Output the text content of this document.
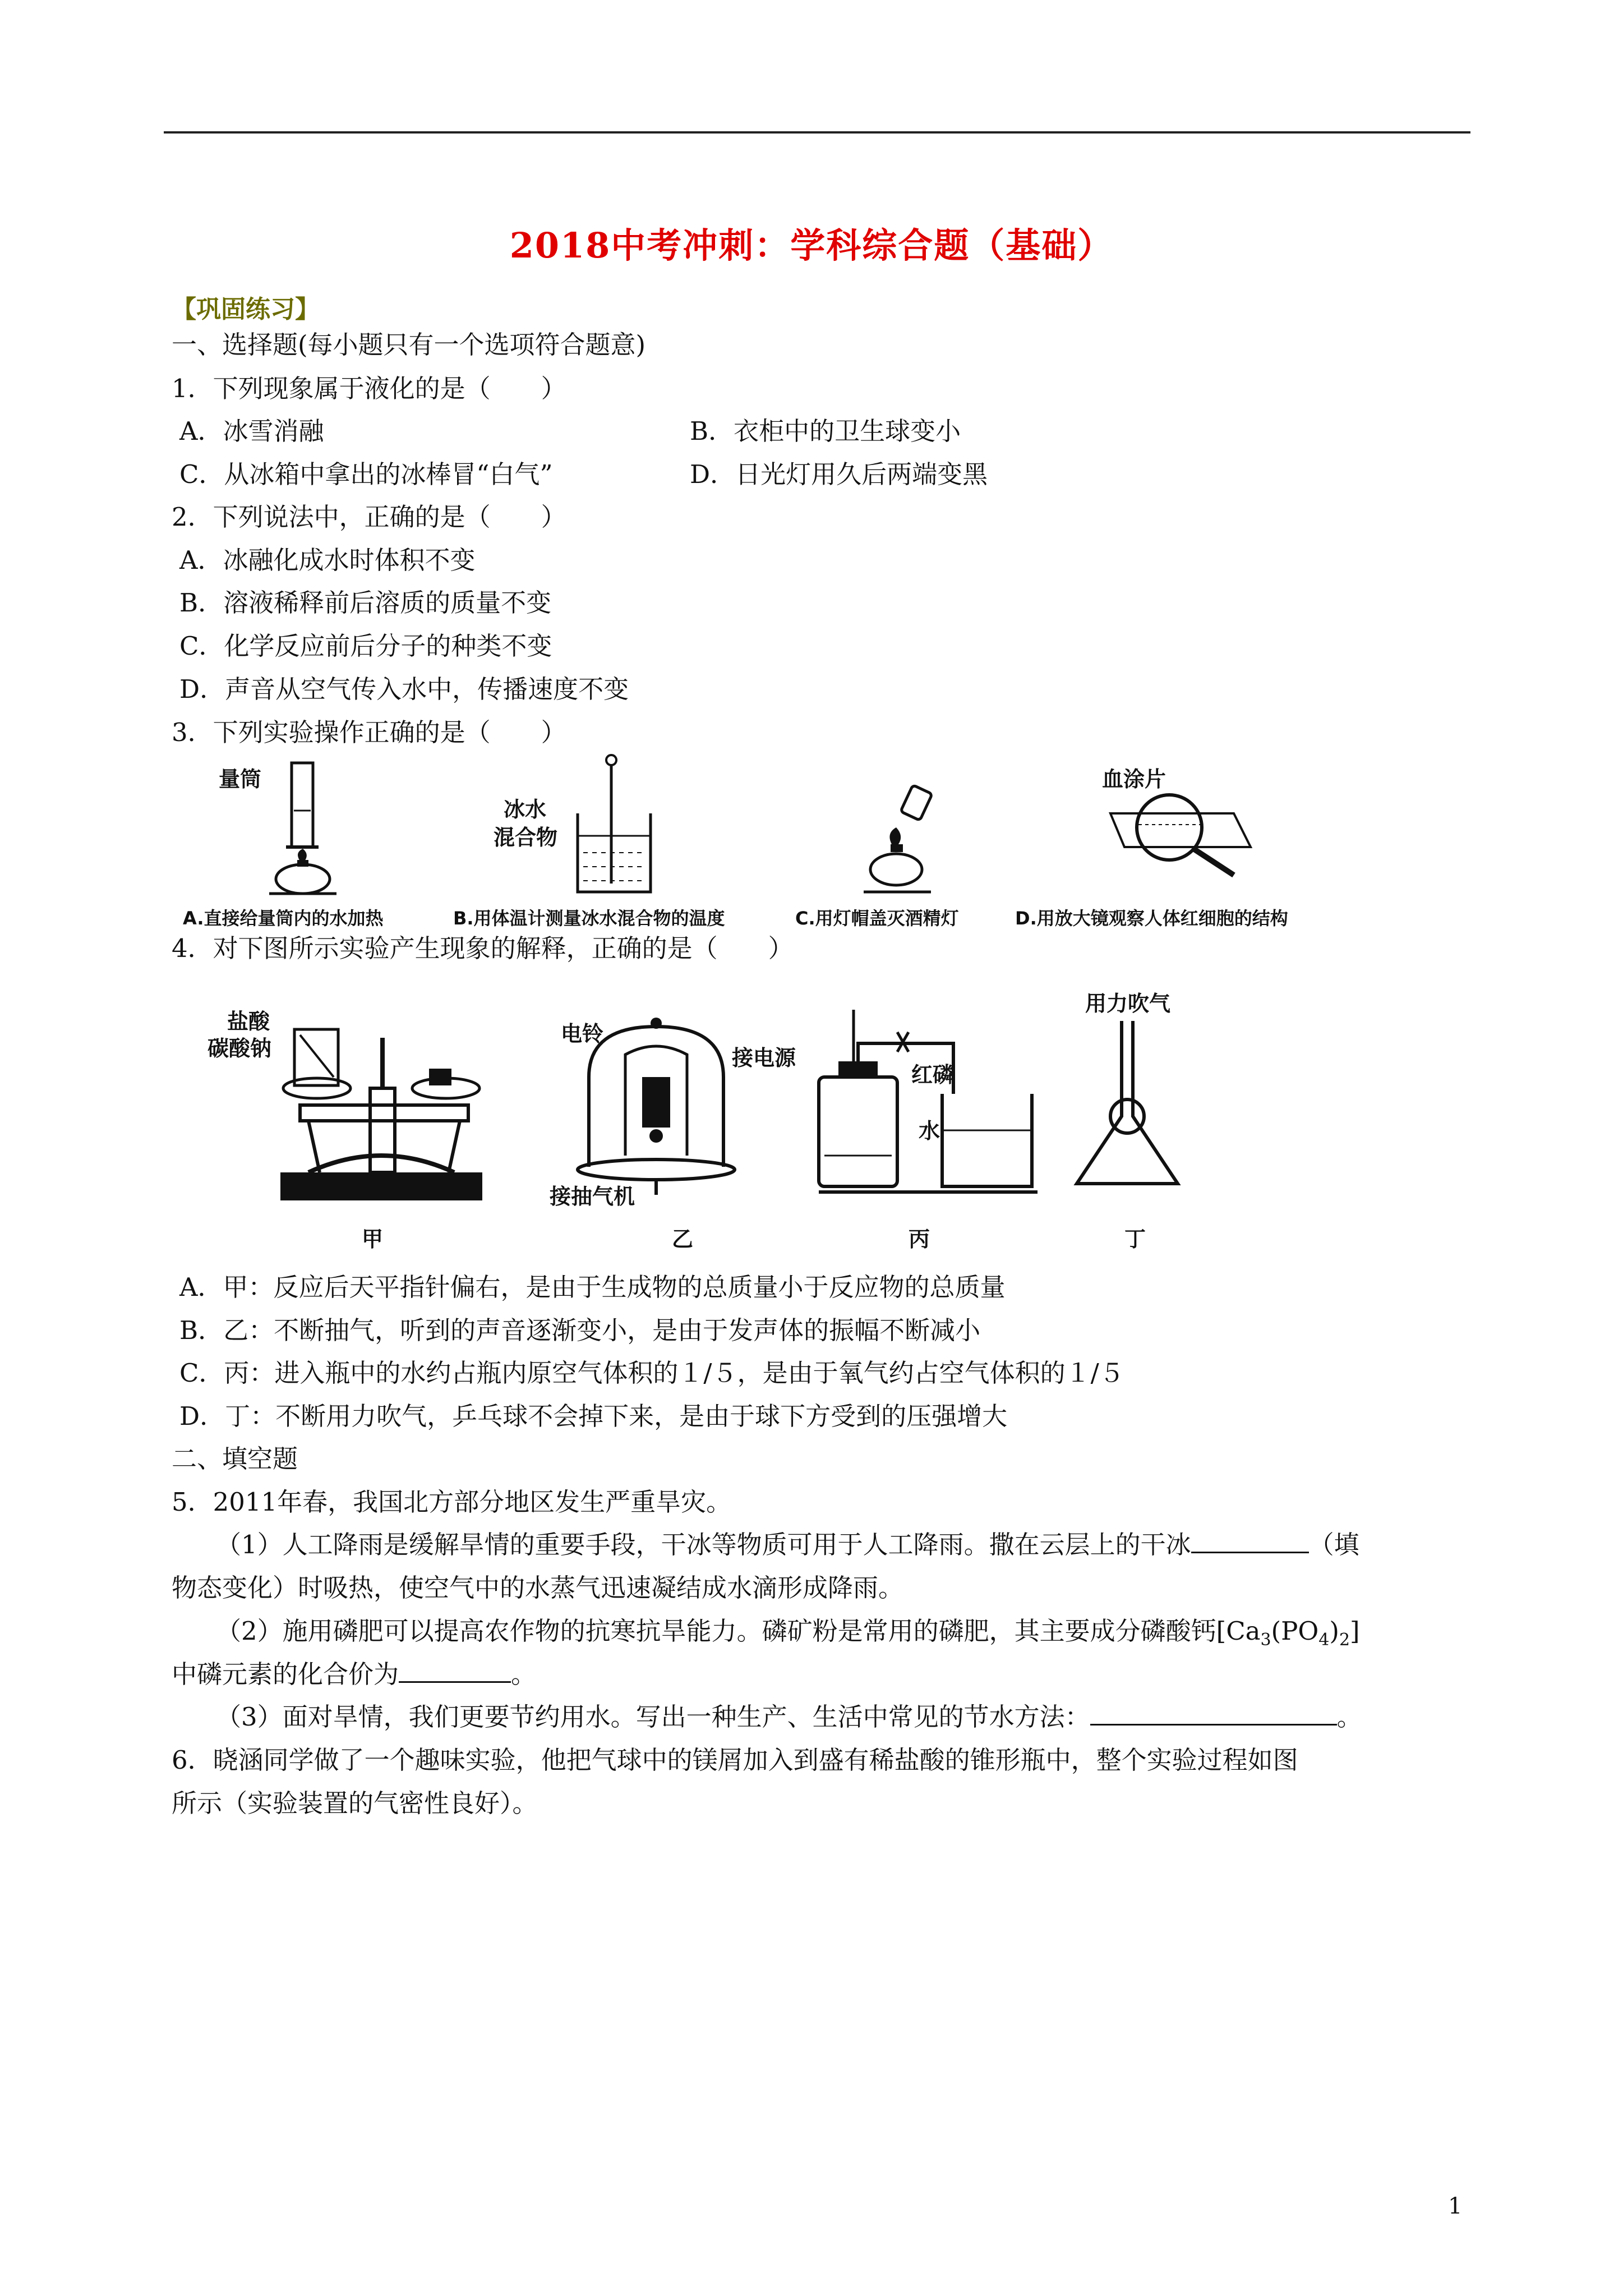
2018中考冲刺：学科综合题（基础）
【巩固练习】
一、选择题(每小题只有一个选项符合题意)
1．下列现象属于液化的是（　　）
A．冰雪消融	B．衣柜中的卫生球变小
C．从冰箱中拿出的冰棒冒“白气”	D．日光灯用久后两端变黑
2．下列说法中，正确的是（　　）
A．冰融化成水时体积不变
B．溶液稀释前后溶质的质量不变
C．化学反应前后分子的种类不变
D．声音从空气传入水中，传播速度不变
3．下列实验操作正确的是（　　）
量筒
冰水
混合物
血涂片
A.直接给量筒内的水加热	B.用体温计测量冰水混合物的温度	C.用灯帽盖灭酒精灯	D.用放大镜观察人体红细胞的结构
4．对下图所示实验产生现象的解释，正确的是（　　）
盐酸
碳酸钠
甲
电铃
接电源
接抽气机
乙
红磷
水
丙
用力吹气
丁
A．甲：反应后天平指针偏右，是由于生成物的总质量小于反应物的总质量
B．乙：不断抽气，听到的声音逐渐变小，是由于发声体的振幅不断减小
C．丙：进入瓶中的水约占瓶内原空气体积的１/５，是由于氧气约占空气体积的１/５
D．丁：不断用力吹气，乒乓球不会掉下来，是由于球下方受到的压强增大
二、填空题
5．2011年春，我国北方部分地区发生严重旱灾。
（1）人工降雨是缓解旱情的重要手段，干冰等物质可用于人工降雨。撒在云层上的干冰	（填
物态变化）时吸热，使空气中的水蒸气迅速凝结成水滴形成降雨。
（2）施用磷肥可以提高农作物的抗寒抗旱能力。磷矿粉是常用的磷肥，其主要成分磷酸钙$[Ca_3(PO_4)_2]$
中磷元素的化合价为	。
（3）面对旱情，我们更要节约用水。写出一种生产、生活中常见的节水方法：	。
6．晓涵同学做了一个趣味实验，他把气球中的镁屑加入到盛有稀盐酸的锥形瓶中，整个实验过程如图
所示（实验装置的气密性良好）。
1
